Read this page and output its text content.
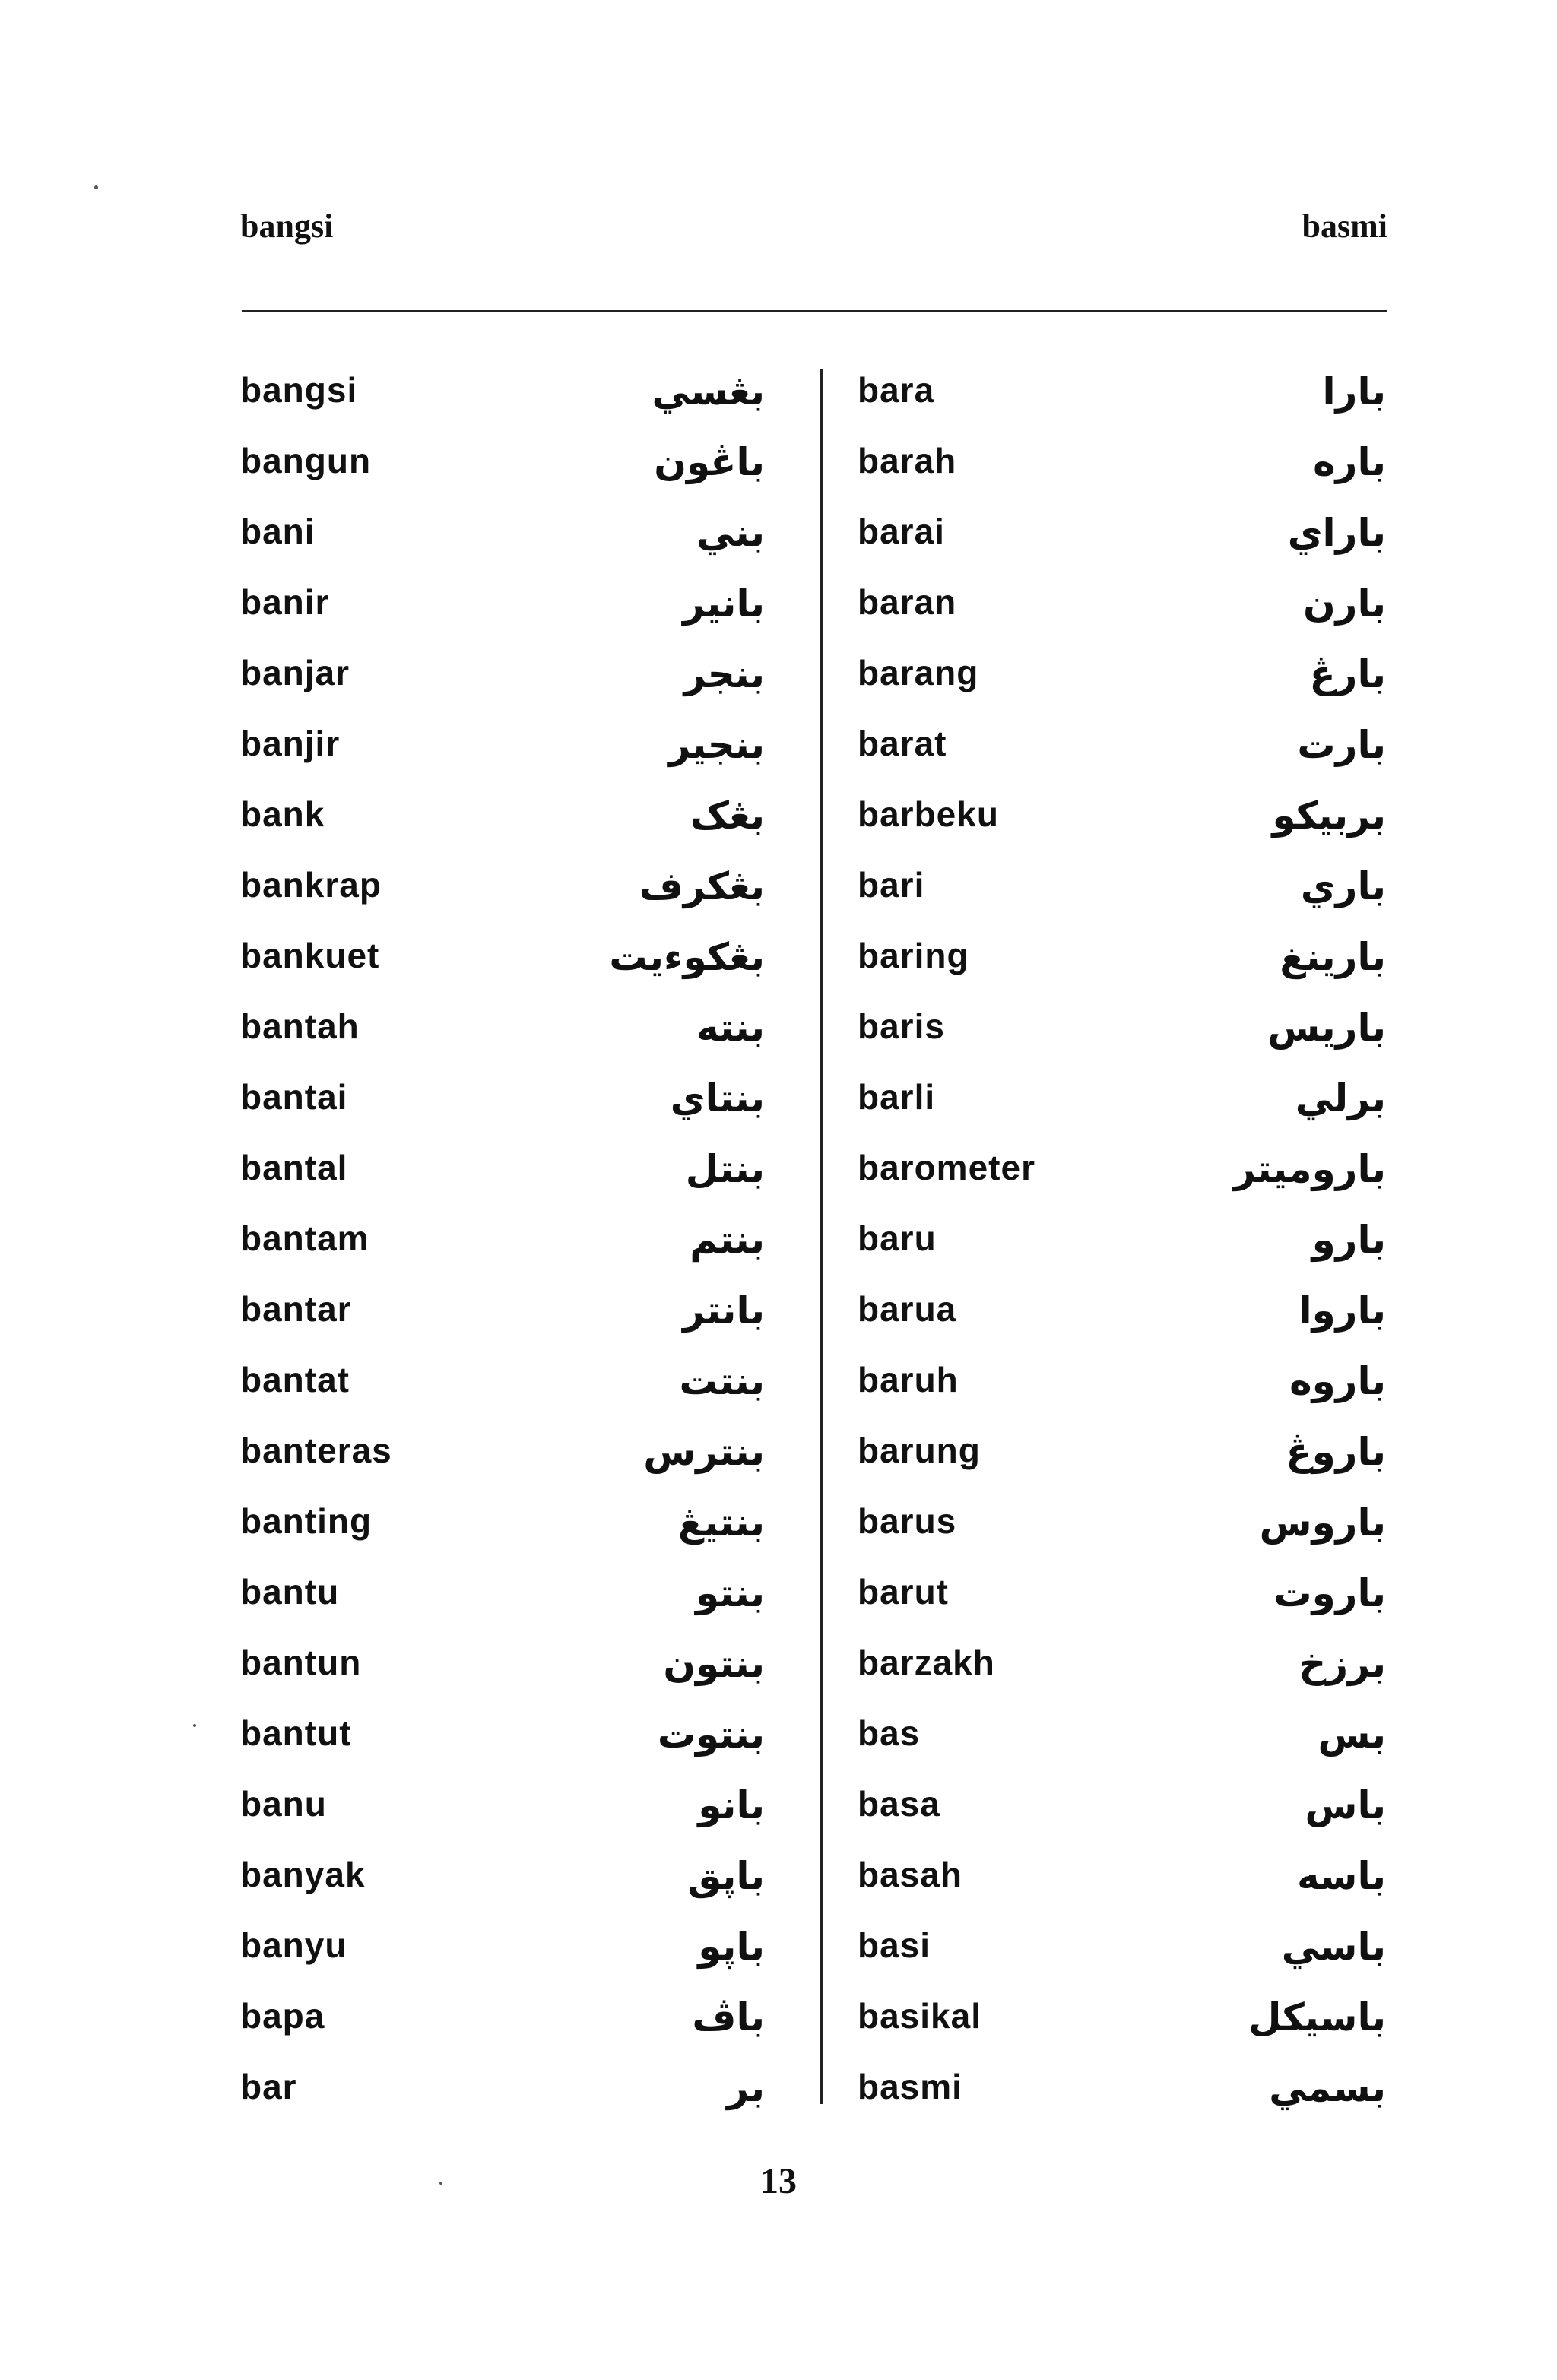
bangsi	basmi
bangsi	بڠسي
bangun	باڠون
bani	بني
banir	بانير
banjar	بنجر
banjir	بنجير
bank	بڠک
bankrap	بڠکرف
bankuet	بڠکوءيت
bantah	بنته
bantai	بنتاي
bantal	بنتل
bantam	بنتم
bantar	بانتر
bantat	بنتت
banteras	بنترس
banting	بنتيڠ
bantu	بنتو
bantun	بنتون
bantut	بنتوت
banu	بانو
banyak	باڽق
banyu	باڽو
bapa	باڤ
bar	بر
bara	بارا
barah	باره
barai	باراي
baran	بارن
barang	بارڠ
barat	بارت
barbeku	بربيکو
bari	باري
baring	بارينغ
baris	باريس
barli	برلي
barometer	باروميتر
baru	بارو
barua	باروا
baruh	باروه
barung	باروڠ
barus	باروس
barut	باروت
barzakh	برزخ
bas	بس
basa	باس
basah	باسه
basi	باسي
basikal	باسيکل
basmi	بسمي
13
